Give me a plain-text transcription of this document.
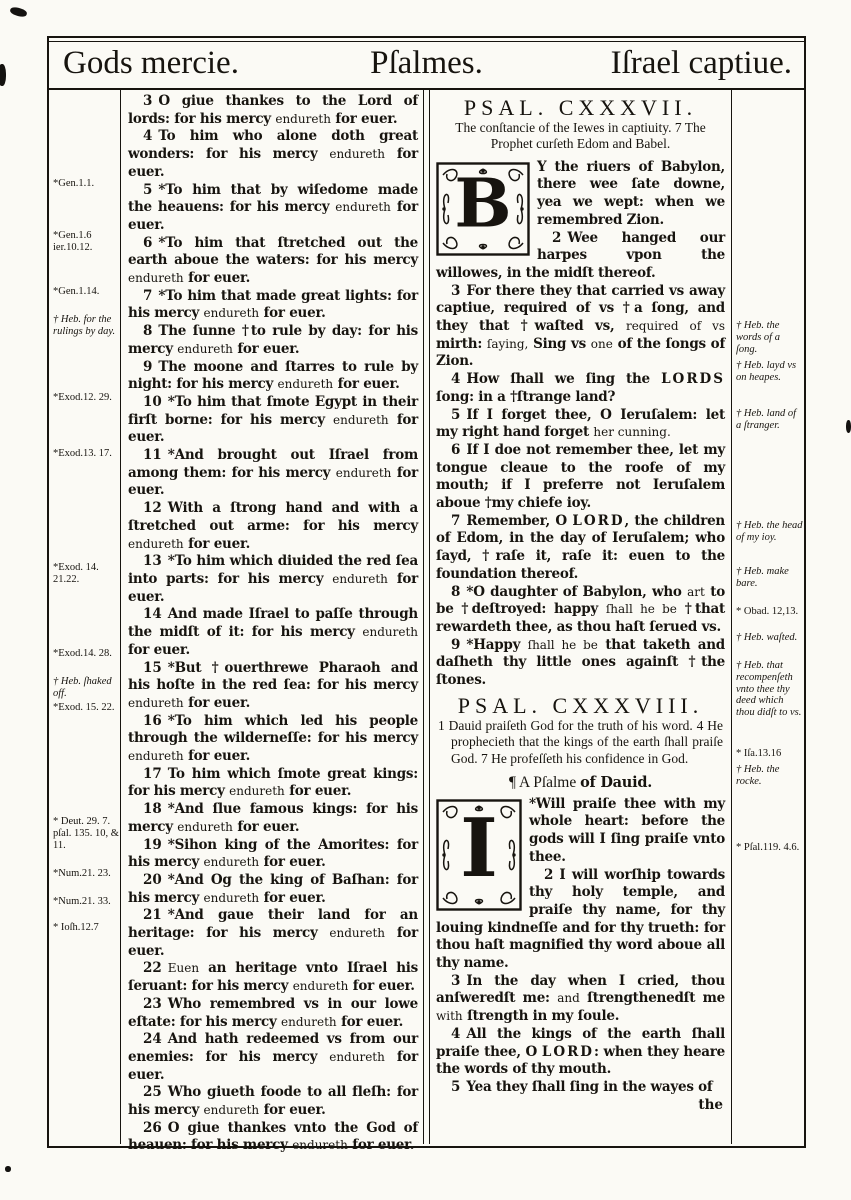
Gods mercie.	Pſalmes.	Iſrael captiue.
*Gen.1.1.
*Gen.1.6 ier.10.12.
*Gen.1.14.
† Heb. for the rulings by day.
*Exod.12. 29.
*Exod.13. 17.
*Exod. 14. 21.22.
*Exod.14. 28.
† Heb. ſhaked off.
*Exod. 15. 22.
* Deut. 29. 7. pſal. 135. 10, & 11.
*Num.21. 23.
*Num.21. 33.
* Ioſh.12.7

3 O giue thankes to the Lord of lords: for his mercy endureth for euer.

4 To him who alone doth great wonders: for his mercy endureth for euer.

5 *To him that by wiſedome made the heauens: for his mercy endureth for euer.

6 *To him that ſtretched out the earth aboue the waters: for his mercy endureth for euer.

7 *To him that made great lights: for his mercy endureth for euer.

8 The ſunne †to rule by day: for his mercy endureth for euer.

9 The moone and ſtarres to rule by night: for his mercy endureth for euer.

10 *To him that ſmote Egypt in their firſt borne: for his mercy endureth for euer.

11 *And brought out Iſrael from among them: for his mercy endureth for euer.

12 With a ſtrong hand and with a ſtretched out arme: for his mercy endureth for euer.

13 *To him which diuided the red ſea into parts: for his mercy endureth for euer.

14 And made Iſrael to paſſe through the midſt of it: for his mercy endureth for euer.

15 *But †ouerthrewe Pharaoh and his hoſte in the red ſea: for his mercy endureth for euer.

16 *To him which led his people through the wilderneſſe: for his mercy endureth for euer.

17 To him which ſmote great kings: for his mercy endureth for euer.

18 *And ſlue famous kings: for his mercy endureth for euer.

19 *Sihon king of the Amorites: for his mercy endureth for euer.

20 *And Og the king of Baſhan: for his mercy endureth for euer.

21 *And gaue their land for an heritage: for his mercy endureth for euer.

22 Euen an heritage vnto Iſrael his ſeruant: for his mercy endureth for euer.

23 Who remembred vs in our lowe eſtate: for his mercy endureth for euer.

24 And hath redeemed vs from our enemies: for his mercy endureth for euer.

25 Who giueth foode to all fleſh: for his mercy endureth for euer.

26 O giue thankes vnto the God of heauen: for his mercy endureth for euer.

PSAL. CXXXVII.

The conſtancie of the Iewes in captiuity. 7 The Prophet curſeth Edom and Babel.

B	Y the riuers of Babylon, there wee ſate downe, yea we wept: when we remembred Zion.

2 Wee hanged our harpes vpon the willowes, in the midſt thereof.

3 For there they that carried vs away captiue, required of vs †a ſong, and they that †waſted vs, required of vs mirth: ſaying, Sing vs one of the ſongs of Zion.

4 How ſhall we ſing the LORDS ſong: in a †ſtrange land?

5 If I forget thee, O Ieruſalem: let my right hand forget her cunning.

6 If I doe not remember thee, let my tongue cleaue to the roofe of my mouth; if I preferre not Ieruſalem aboue †my chiefe ioy.

7 Remember, O LORD, the children of Edom, in the day of Ieruſalem; who ſayd, †raſe it, raſe it: euen to the foundation thereof.

8 *O daughter of Babylon, who art to be †deſtroyed: happy ſhall he be †that rewardeth thee, as thou haſt ſerued vs.

9 *Happy ſhall he be that taketh and daſheth thy little ones againſt †the ſtones.

PSAL. CXXXVIII.

1 Dauid praiſeth God for the truth of his word. 4 He prophecieth that the kings of the earth ſhall praiſe God. 7 He profeſſeth his confidence in God.

¶ A Pſalme of Dauid.

I	*Will praiſe thee with my whole heart: before the gods will I ſing praiſe vnto thee.

2 I will worſhip towards thy holy temple, and praiſe thy name, for thy louing kindneſſe and for thy trueth: for thou haſt magnified thy word aboue all thy name.

3 In the day when I cried, thou anſweredſt me: and ſtrengthenedſt me with ſtrength in my ſoule.

4 All the kings of the earth ſhall praiſe thee, O LORD: when they heare the words of thy mouth.

5 Yea they ſhall ſing in the wayes of

the

† Heb. the words of a ſong.
† Heb. layd vs on heapes.
† Heb. land of a ſtranger.
† Heb. the head of my ioy.
† Heb. make bare.
* Obad. 12,13.
† Heb. waſted.
† Heb. that recompenſeth vnto thee thy deed which thou didſt to vs.
* Iſa.13.16
† Heb. the rocke.
* Pſal.119. 4.6.
